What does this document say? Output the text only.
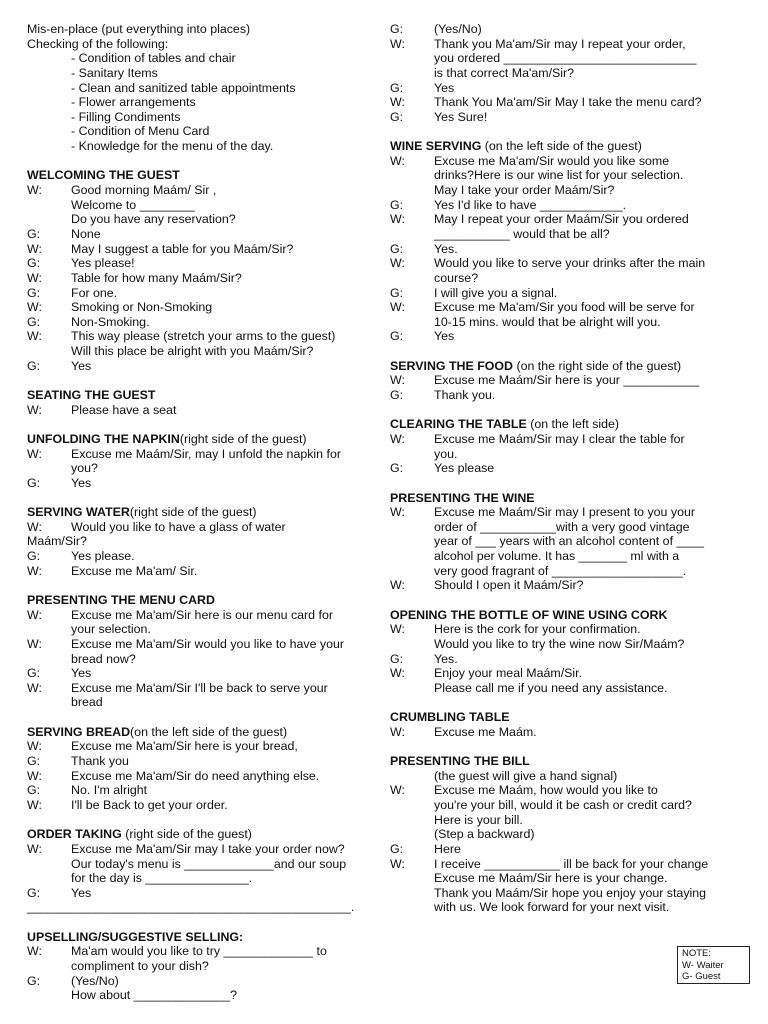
Mis-en-place (put everything into places)
Checking of the following:
- Condition of tables and chair
- Sanitary Items
- Clean and sanitized table appointments
- Flower arrangements
- Filling Condiments
- Condition of Menu Card
- Knowledge for the menu of the day.
WELCOMING THE GUEST
W: Good morning Maám/ Sir ,
Welcome to ________
Do you have any reservation?
G: None
W: May I suggest a table for you Maám/Sir?
G: Yes please!
W: Table for how many Maám/Sir?
G: For one.
W: Smoking or Non-Smoking
G: Non-Smoking.
W: This way please (stretch your arms to the guest)
Will this place be alright with you Maám/Sir?
G: Yes
SEATING THE GUEST
W: Please have a seat
UNFOLDING THE NAPKIN(right side of the guest)
W: Excuse me Maám/Sir, may I unfold the napkin for
you?
G: Yes
SERVING WATER(right side of the guest)
W: Would you like to have a glass of water
Maám/Sir?
G: Yes please.
W: Excuse me Ma'am/ Sir.
PRESENTING THE MENU CARD
W: Excuse me Ma'am/Sir here is our menu card for
your selection.
W: Excuse me Ma'am/Sir would you like to have your
bread now?
G: Yes
W: Excuse me Ma'am/Sir I'll be back to serve your
bread
SERVING BREAD(on the left side of the guest)
W: Excuse me Ma'am/Sir here is your bread,
G: Thank you
W: Excuse me Ma'am/Sir do need anything else.
G: No. I'm alright
W: I'll be Back to get your order.
ORDER TAKING (right side of the guest)
W: Excuse me Ma'am/Sir may I take your order now?
Our today's menu is _____________and our soup
for the day is _______________.
G: Yes
_______________________________________________.
UPSELLING/SUGGESTIVE SELLING:
W: Ma'am would you like to try _____________ to
compliment to your dish?
G: (Yes/No)
How about ______________?
G: (Yes/No)
W: Thank you Ma'am/Sir may I repeat your order,
you ordered ____________________________
is that correct Ma'am/Sir?
G: Yes
W: Thank You Ma'am/Sir May I take the menu card?
G: Yes Sure!
WINE SERVING (on the left side of the guest)
W: Excuse me Ma'am/Sir would you like some
drinks?Here is our wine list for your selection.
May I take your order Maám/Sir?
G: Yes I'd like to have ____________.
W: May I repeat your order Maám/Sir you ordered
___________ would that be all?
G: Yes.
W: Would you like to serve your drinks after the main
course?
G: I will give you a signal.
W: Excuse me Ma'am/Sir you food will be serve for
10-15 mins. would that be alright will you.
G: Yes
SERVING THE FOOD (on the right side of the guest)
W: Excuse me Maám/Sir here is your ___________
G: Thank you.
CLEARING THE TABLE (on the left side)
W: Excuse me Maám/Sir may I clear the table for
you.
G: Yes please
PRESENTING THE WINE
W: Excuse me Maám/Sir may I present to you your
order of ___________with a very good vintage
year of ___ years with an alcohol content of ____
alcohol per volume. It has _______ ml with a
very good fragrant of ___________________.
W: Should I open it Maám/Sir?
OPENING THE BOTTLE OF WINE USING CORK
W: Here is the cork for your confirmation.
Would you like to try the wine now Sir/Maám?
G: Yes.
W: Enjoy your meal Maám/Sir.
Please call me if you need any assistance.
CRUMBLING TABLE
W: Excuse me Maám.
PRESENTING THE BILL
(the guest will give a hand signal)
W: Excuse me Maám, how would you like to
you're your bill, would it be cash or credit card?
Here is your bill.
(Step a backward)
G: Here
W: I receive ___________ ill be back for your change
Excuse me Maám/Sir here is your change.
Thank you Maám/Sir hope you enjoy your staying
with us. We look forward for your next visit.
NOTE:
W- Waiter
G- Guest
